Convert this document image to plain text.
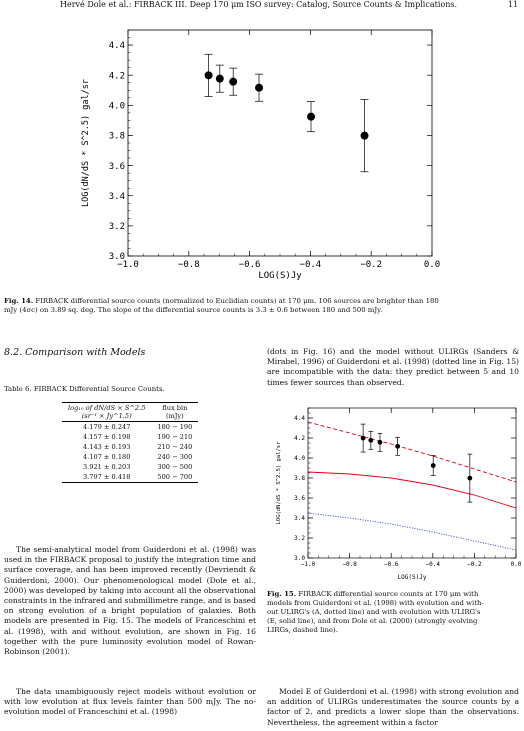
Hervé Dole et al.: FIRBACK III. Deep 170 μm ISO survey: Catalog, Source Counts & Implications.	11
−1.0	−0.8	−0.6	−0.4	−0.2	0.0
3.0
3.2
3.4
3.6
3.8
4.0
4.2
4.4
LOG(S)Jy
LOG(dN/dS * S^2.5) gal/sr
Fig. 14. FIRBACK differential source counts (normalized to Euclidian counts) at 170 μm. 106 sources are brighter than 180
mJy (4σc) on 3.89 sq. deg. The slope of the differential source counts is 3.3 ± 0.6 between 180 and 500 mJy.
8.2. Comparison with Models
Table 6. FIRBACK Differential Source Counts.
log₁₀ of dN/dS × S^2.5
(sr⁻¹ × Jy^1.5)	flux bin
(mJy)
4.179 ± 0.247	180 − 190
4.157 ± 0.198	190 − 210
4.143 ± 0.193	210 − 240
4.107 ± 0.180	240 − 300
3.921 ± 0.203	300 − 500
3.797 ± 0.418	500 − 700
(dots in Fig. 16) and the model without ULIRGs (Sanders & Mirabel, 1996) of Guiderdoni et al. (1998) (dotted line in Fig. 15) are incompatible with the data: they predict between 5 and 10 times fewer sources than observed.
−1.0	−0.8	−0.6	−0.4	−0.2	0.0
3.0
3.2
3.4
3.6
3.8
4.0
4.2
4.4
LOG(S)Jy
LOG(dN/dS * S^2.5) gal/sr
Fig. 15. FIRBACK differential source counts at 170 μm with
models from Guiderdoni et al. (1998) with evolution and with-
out ULIRG's (A, dotted line) and with evolution with ULIRG's
(E, solid line), and from Dole et al. (2000) (strongly evolving
LIRGs, dashed line).
The semi-analytical model from Guiderdoni et al. (1998) was used in the FIRBACK proposal to justify the integration time and surface coverage, and has been improved recently (Devriendt & Guiderdoni, 2000). Our phenomenological model (Dole et al., 2000) was developed by taking into account all the observational constraints in the infrared and submillimetre range, and is based on strong evolution of a bright population of galaxies. Both models are presented in Fig. 15. The models of Franceschini et al. (1998), with and without evolution, are shown in Fig. 16 together with the pure luminosity evolution model of Rowan-Robinson (2001).
The data unambiguously reject models without evolution or with low evolution at flux levels fainter than 500 mJy. The no-evolution model of Franceschini et al. (1998)
Model E of Guiderdoni et al. (1998) with strong evolution and an addition of ULIRGs underestimates the source counts by a factor of 2, and predicts a lower slope than the observations. Nevertheless, the agreement within a factor
